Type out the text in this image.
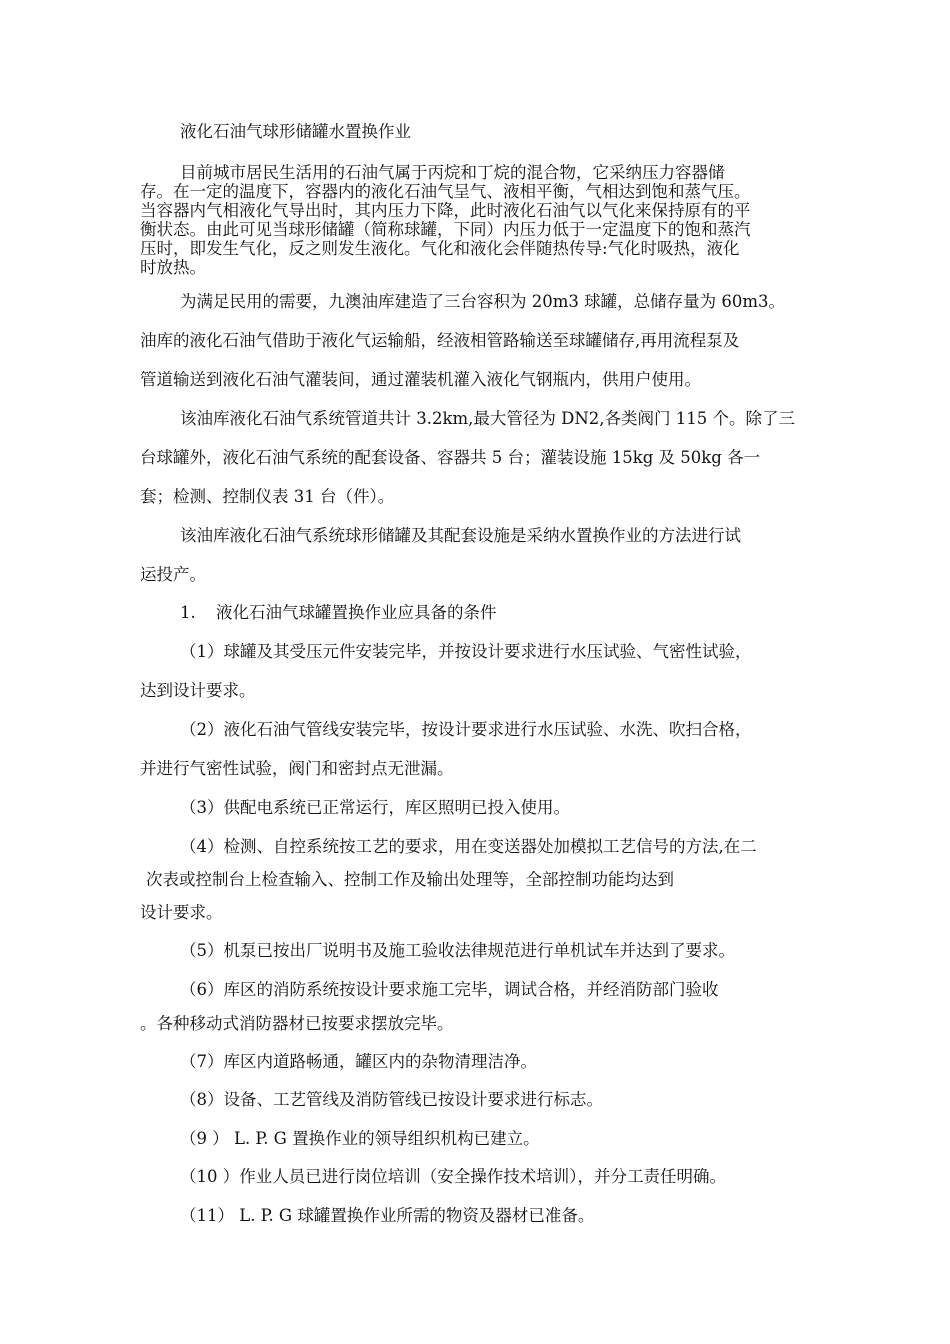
液化石油气球形储罐水置换作业
目前城市居民生活用的石油气属于丙烷和丁烷的混合物，它采纳压力容器储
存。在一定的温度下，容器内的液化石油气呈气、液相平衡，气相达到饱和蒸气压。
当容器内气相液化气导出时，其内压力下降，此时液化石油气以气化来保持原有的平
衡状态。由此可见当球形储罐（简称球罐，下同）内压力低于一定温度下的饱和蒸汽
压时，即发生气化，反之则发生液化。气化和液化会伴随热传导:气化时吸热，液化
时放热。
为满足民用的需要，九澳油库建造了三台容积为 20m3 球罐，总储存量为 60m3。
油库的液化石油气借助于液化气运输船，经液相管路输送至球罐储存,再用流程泵及
管道输送到液化石油气灌装间，通过灌装机灌入液化气钢瓶内，供用户使用。
该油库液化石油气系统管道共计 3.2km,最大管径为 DN2,各类阀门 115 个。除了三
台球罐外，液化石油气系统的配套设备、容器共 5 台；灌装设施 15kg 及 50kg 各一
套；检测、控制仪表 31 台（件）。
该油库液化石油气系统球形储罐及其配套设施是采纳水置换作业的方法进行试
运投产。
1. 液化石油气球罐置换作业应具备的条件
（1）球罐及其受压元件安装完毕，并按设计要求进行水压试验、气密性试验，
达到设计要求。
（2）液化石油气管线安装完毕，按设计要求进行水压试验、水洗、吹扫合格，
并进行气密性试验，阀门和密封点无泄漏。
（3）供配电系统已正常运行，库区照明已投入使用。
（4）检测、自控系统按工艺的要求，用在变送器处加模拟工艺信号的方法,在二
次表或控制台上检查输入、控制工作及输出处理等，全部控制功能均达到
设计要求。
（5）机泵已按出厂说明书及施工验收法律规范进行单机试车并达到了要求。
（6）库区的消防系统按设计要求施工完毕，调试合格，并经消防部门验收
。各种移动式消防器材已按要求摆放完毕。
（7）库区内道路畅通，罐区内的杂物清理洁净。
（8）设备、工艺管线及消防管线已按设计要求进行标志。
（9 ） L. P. G 置换作业的领导组织机构已建立。
（10 ）作业人员已进行岗位培训（安全操作技术培训），并分工责任明确。
（11） L. P. G 球罐置换作业所需的物资及器材已准备。
